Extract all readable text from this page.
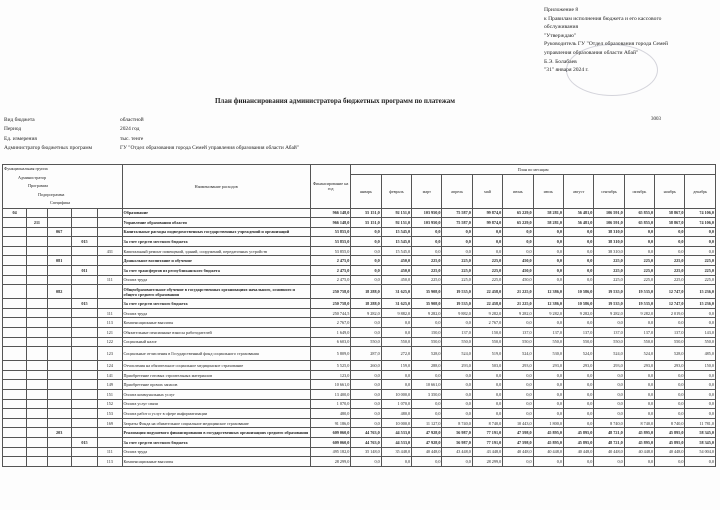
Приложение 8
к Правилам исполнения бюджета и его кассового
обслуживания
"Утверждаю"
Руководитель ГУ "Отдел образования города Семей
управления образования области Абай"
Б.Э. Болабаев
"31" января 2024 г.
План финансирования администратора бюджетных программ по платежам
Вид бюджета	областной
Период	2024 год
Ед. измерения	тыс. тенге
Администратор бюджетных программ	ГУ "Отдел образования города Семей управления образования области Абай"
3003
Функциональная группа
Администратор
Программа
Подпрограмма
Специфика					Наименование расходов	Финансирование на год	План по месяцам											
							январь	февраль	март	апрель	май	июнь	июль	август	сентябрь	октябрь	ноябрь	декабрь
04					Образование	966 148,0	55 151,0	92 151,0	103 950,0	75 587,0	99 874,0	65 229,0	58 281,0	56 481,0	106 591,0	65 855,0	58 867,0	74 106,0
	211				Управление образования области	966 148,0	55 151,0	92 151,0	103 950,0	75 587,0	99 874,0	65 229,0	58 281,0	56 481,0	106 591,0	65 855,0	58 867,0	74 106,0
		067			Капитальные расходы подведомственных государственных учреждений и организаций	53 855,0	0,0	15 545,0	0,0	0,0	0,0	0,0	0,0	0,0	38 310,0	0,0	0,0	0,0
			015		За счет средств местного бюджета	53 855,0	0,0	15 545,0	0,0	0,0	0,0	0,0	0,0	0,0	38 310,0	0,0	0,0	0,0
				431	Капитальный ремонт помещений, зданий, сооружений, передаточных устройств	53 855,0	0,0	15 545,0	0,0	0,0	0,0	0,0	0,0	0,0	38 310,0	0,0	0,0	0,0
		081			Дошкольное воспитание и обучение	2 475,0	0,0	450,0	225,0	225,0	225,0	450,0	0,0	0,0	225,0	225,0	225,0	225,0
			011		За счет трансфертов из республиканского бюджета	2 475,0	0,0	450,0	225,0	225,0	225,0	450,0	0,0	0,0	225,0	225,0	225,0	225,0
				111	Оплата труда	2 475,0	0,0	450,0	225,0	225,0	225,0	450,0	0,0	0,0	225,0	225,0	225,0	225,0
		082			Общеобразовательное обучение в государственных организациях начального, основного и общего среднего образования	250 758,0	18 288,0	31 625,0	35 908,0	19 535,0	22 458,0	21 225,0	12 386,0	10 586,0	19 535,0	19 535,0	12 747,0	15 236,0
			015		За счет средств местного бюджета	250 758,0	18 288,0	31 625,0	35 908,0	19 535,0	22 458,0	21 225,0	12 386,0	10 586,0	19 535,0	19 535,0	12 747,0	15 236,0
				111	Оплата труда	250 744,5	9 282,0	9 882,0	9 282,0	9 882,0	9 282,0	9 282,0	9 282,0	9 282,0	9 282,0	9 282,0	2 019,0	0,0
				113	Компенсационные выплаты	2 767,0	0,0	0,0	0,0	0,0	2 767,0	0,0	0,0	0,0	0,0	0,0	0,0	0,0
				121	Обязательные пенсионные взносы работодателей	1 649,0	0,0	0,0	150,0	137,0	150,0	137,0	137,0	137,0	137,0	137,0	137,0	143,0
				122	Социальный налог	6 603,0	550,0	550,0	550,0	550,0	550,0	550,0	550,0	550,0	550,0	550,0	550,0	550,0
				123	Социальные отчисления в Государственный фонд социального страхования	5 809,0	287,0	272,0	528,0	524,0	519,0	524,0	530,0	524,0	524,0	524,0	528,0	485,0
				124	Отчисления на обязательное социальное медицинское страхование	5 525,0	260,0	159,0	288,0	293,0	503,0	293,0	293,0	293,0	293,0	293,0	293,0	150,0
				141	Приобретение готовых строительных материалов	123,0	0,0	0,0	0,0	0,0	0,0	0,0	0,0	0,0	0,0	0,0	0,0	0,0
				149	Приобретение прочих запасов	10 661,0	0,0	0,0	10 661,0	0,0	0,0	0,0	0,0	0,0	0,0	0,0	0,0	0,0
				151	Оплата коммунальных услуг	13 400,0	0,0	10 000,0	3 350,0	0,0	0,0	0,0	0,0	0,0	0,0	0,0	0,0	0,0
				152	Оплата услуг связи	1 070,0	0,0	1 070,0	0,0	0,0	0,0	0,0	0,0	0,0	0,0	0,0	0,0	0,0
				153	Оплата работ и услуг в сфере информатизации	480,0	0,0	480,0	0,0	0,0	0,0	0,0	0,0	0,0	0,0	0,0	0,0	0,0
				169	Затраты Фонда на обязательное социальное медицинское страхование	91 186,0	0,0	10 000,0	11 127,0	8 740,0	8 740,0	10 443,0	1 800,0	0,0	8 740,0	8 740,0	8 740,0	11 781,0
		203			Реализация подушевого финансирования в государственных организациях среднего образования	609 060,0	44 763,0	44 533,0	47 928,0	56 987,0	77 191,0	47 598,0	45 895,0	45 895,0	48 721,0	45 895,0	45 895,0	58 345,0
			015		За счет средств местного бюджета	609 060,0	44 763,0	44 533,0	47 928,0	56 987,0	77 191,0	47 598,0	45 895,0	45 895,0	48 721,0	45 895,0	45 895,0	58 345,0
				111	Оплата труда	495 182,0	35 148,0	35 448,0	40 448,0	43 448,0	43 448,0	40 448,0	40 448,0	40 448,0	40 448,0	40 448,0	40 448,0	54 004,0
				113	Компенсационные выплаты	28 299,0	0,0	0,0	0,0	0,0	28 299,0	0,0	0,0	0,0	0,0	0,0	0,0	0,0
